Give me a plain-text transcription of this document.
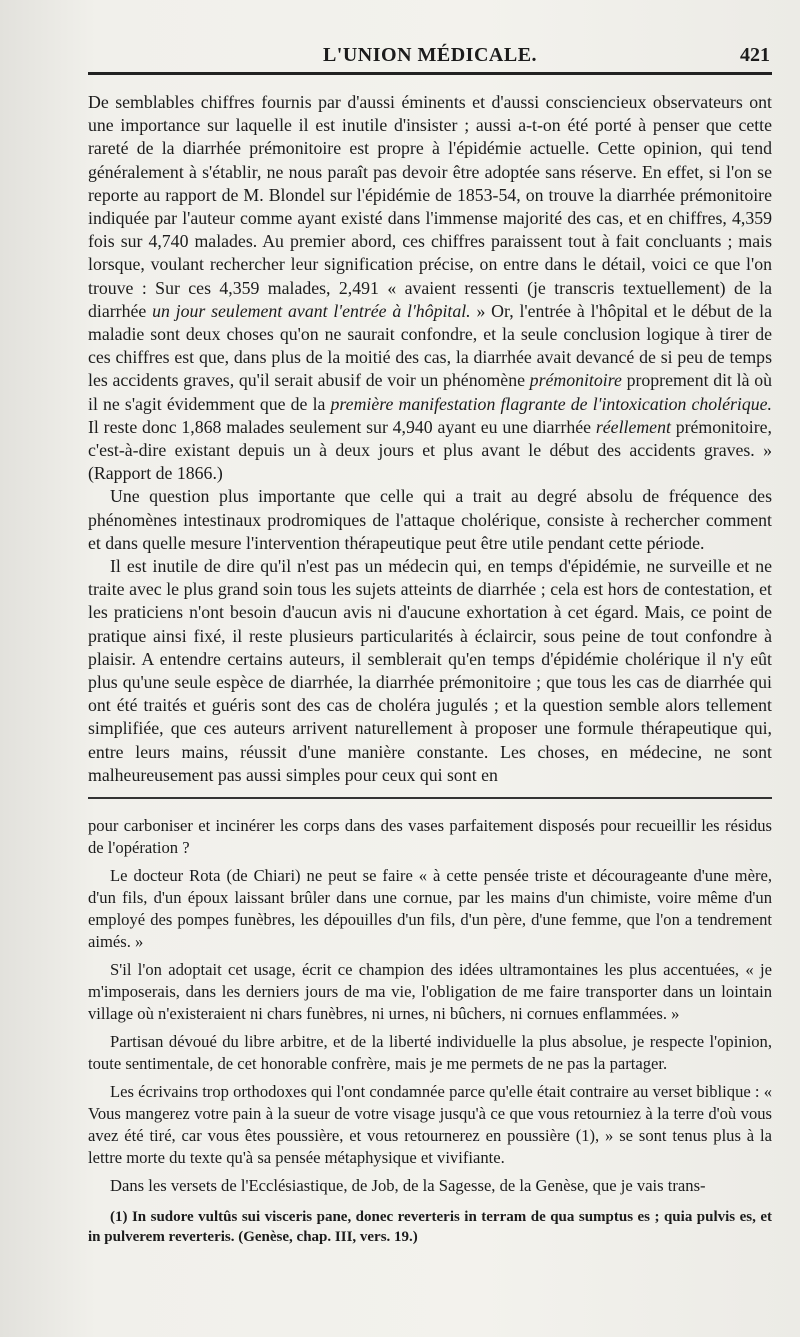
L'UNION MÉDICALE.	421

De semblables chiffres fournis par d'aussi éminents et d'aussi consciencieux observateurs ont une importance sur laquelle il est inutile d'insister ; aussi a-t-on été porté à penser que cette rareté de la diarrhée prémonitoire est propre à l'épidémie actuelle. Cette opinion, qui tend généralement à s'établir, ne nous paraît pas devoir être adoptée sans réserve. En effet, si l'on se reporte au rapport de M. Blondel sur l'épidémie de 1853-54, on trouve la diarrhée prémonitoire indiquée par l'auteur comme ayant existé dans l'immense majorité des cas, et en chiffres, 4,359 fois sur 4,740 malades. Au premier abord, ces chiffres paraissent tout à fait concluants ; mais lorsque, voulant rechercher leur signification précise, on entre dans le détail, voici ce que l'on trouve : Sur ces 4,359 malades, 2,491 « avaient ressenti (je transcris textuellement) de la diarrhée un jour seulement avant l'entrée à l'hôpital. » Or, l'entrée à l'hôpital et le début de la maladie sont deux choses qu'on ne saurait confondre, et la seule conclusion logique à tirer de ces chiffres est que, dans plus de la moitié des cas, la diarrhée avait devancé de si peu de temps les accidents graves, qu'il serait abusif de voir un phénomène prémonitoire proprement dit là où il ne s'agit évidemment que de la première manifestation flagrante de l'intoxication cholérique. Il reste donc 1,868 malades seulement sur 4,940 ayant eu une diarrhée réellement prémonitoire, c'est-à-dire existant depuis un à deux jours et plus avant le début des accidents graves. » (Rapport de 1866.)

Une question plus importante que celle qui a trait au degré absolu de fréquence des phénomènes intestinaux prodromiques de l'attaque cholérique, consiste à rechercher comment et dans quelle mesure l'intervention thérapeutique peut être utile pendant cette période.

Il est inutile de dire qu'il n'est pas un médecin qui, en temps d'épidémie, ne surveille et ne traite avec le plus grand soin tous les sujets atteints de diarrhée ; cela est hors de contestation, et les praticiens n'ont besoin d'aucun avis ni d'aucune exhortation à cet égard. Mais, ce point de pratique ainsi fixé, il reste plusieurs particularités à éclaircir, sous peine de tout confondre à plaisir. A entendre certains auteurs, il semblerait qu'en temps d'épidémie cholérique il n'y eût plus qu'une seule espèce de diarrhée, la diarrhée prémonitoire ; que tous les cas de diarrhée qui ont été traités et guéris sont des cas de choléra jugulés ; et la question semble alors tellement simplifiée, que ces auteurs arrivent naturellement à proposer une formule thérapeutique qui, entre leurs mains, réussit d'une manière constante. Les choses, en médecine, ne sont malheureusement pas aussi simples pour ceux qui sont en

pour carboniser et incinérer les corps dans des vases parfaitement disposés pour recueillir les résidus de l'opération ?

Le docteur Rota (de Chiari) ne peut se faire « à cette pensée triste et décourageante d'une mère, d'un fils, d'un époux laissant brûler dans une cornue, par les mains d'un chimiste, voire même d'un employé des pompes funèbres, les dépouilles d'un fils, d'un père, d'une femme, que l'on a tendrement aimés. »

S'il l'on adoptait cet usage, écrit ce champion des idées ultramontaines les plus accentuées, « je m'imposerais, dans les derniers jours de ma vie, l'obligation de me faire transporter dans un lointain village où n'existeraient ni chars funèbres, ni urnes, ni bûchers, ni cornues enflammées. »

Partisan dévoué du libre arbitre, et de la liberté individuelle la plus absolue, je respecte l'opinion, toute sentimentale, de cet honorable confrère, mais je me permets de ne pas la partager.

Les écrivains trop orthodoxes qui l'ont condamnée parce qu'elle était contraire au verset biblique : « Vous mangerez votre pain à la sueur de votre visage jusqu'à ce que vous retourniez à la terre d'où vous avez été tiré, car vous êtes poussière, et vous retournerez en poussière (1), » se sont tenus plus à la lettre morte du texte qu'à sa pensée métaphysique et vivifiante.

Dans les versets de l'Ecclésiastique, de Job, de la Sagesse, de la Genèse, que je vais trans-

(1) In sudore vultûs sui visceris pane, donec reverteris in terram de qua sumptus es ; quia pulvis es, et in pulverem reverteris. (Genèse, chap. III, vers. 19.)
